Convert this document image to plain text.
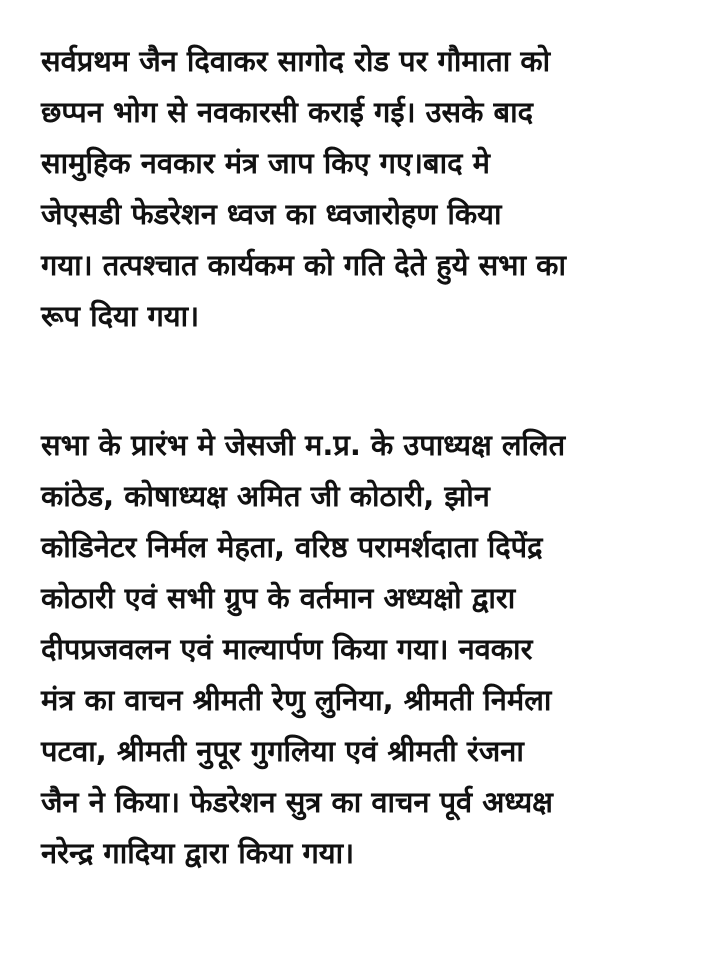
सर्वप्रथम जैन दिवाकर सागोद रोड पर गौमाता को
छप्पन भोग से नवकारसी कराई गई। उसके बाद
सामुहिक नवकार मंत्र जाप किए गए।बाद मे
जेएसडी फेडरेशन ध्वज का ध्वजारोहण किया
गया। तत्पश्चात कार्यकम को गति देते हुये सभा का
रूप दिया गया।
सभा के प्रारंभ मे जेसजी म.प्र. के उपाध्यक्ष ललित
कांठेड, कोषाध्यक्ष अमित जी कोठारी, झोन
कोडिनेटर निर्मल मेहता, वरिष्ठ परामर्शदाता दिपेंद्र
कोठारी एवं सभी ग्रुप के वर्तमान अध्यक्षो द्वारा
दीपप्रजवलन एवं माल्यार्पण किया गया। नवकार
मंत्र का वाचन श्रीमती रेणु लुनिया, श्रीमती निर्मला
पटवा, श्रीमती नुपूर गुगलिया एवं श्रीमती रंजना
जैन ने किया। फेडरेशन सुत्र का वाचन पूर्व अध्यक्ष
नरेन्द्र गादिया द्वारा किया गया।
